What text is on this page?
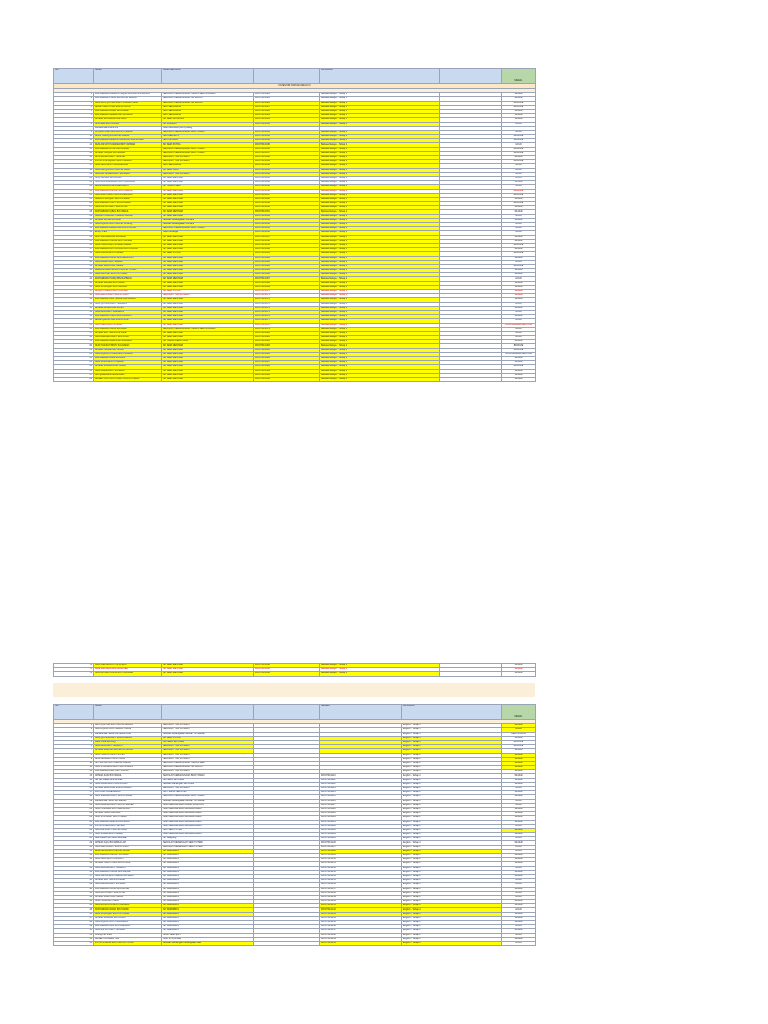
NO.	NAMA	NAMA SEKOLAH		KATEGORI		MEDAL
KATEGORI: BAHASA MELAYU						

1	MUHAMMAD ZAFRAN HAQIMI BIN MOHD ZULKIFLI	SEKOLAH KEBANGSAAN TAMAN SERI GOMBAK	MONTSK1024	Bahasa Melayu - Tahap 1		SILVER
2	MUHAMMAD HAFIZ BIN MOHD RAZALI	SEKOLAH KEBANGSAAN SG BULOH	MONTSK1025	Bahasa Melayu - Tahap 1		SILVER
3	NUR ALYA QISTINA BINTI AHMAD FAUZI	SEKOLAH KEBANGSAAN SG BULOH	MONTSK1026	Bahasa Melayu - Tahap 1		BRONZE
4	ADAM HARITH BIN MOHD NOOR	SRK SELANGOR	MONTSK1027	Bahasa Melayu - Tahap 1		BRONZE
5	MUHAMMAD IRFAN BIN ISMAIL	SRK SELANGOR	MONTSK1028	Bahasa Melayu - Tahap 1		SILVER
6	MUHAMMAD AMMAR BIN ROSLAN	SRK SELANGOR	MONTSK1029	Bahasa Melayu - Tahap 1		SILVER
7	AHMAD BIN ABDUL RAHMAN	SK SERI PETALING	MONTSK1030	Bahasa Melayu - Tahap 1		SILVER
8	SHAHIRA BINTI ROSLI	SK PRIMARY	MONTSK1031	Bahasa Melayu - Tahap 1		GOLD
	Muhammad Amirul Arif	SMK Methodist (ACS) Klang				
9	KHALISH ADLI BIN MOHD KHAIDIR	SEKOLAH KEBANGSAAN BUKIT BARU	MONTSK1032	Bahasa Melayu - Tahap 2		GOLD
10	AFIFF HAZIQ BIN MOHD FAIZAL	SRK BERSATU	MONTSK1033	Bahasa Melayu - Tahap 2		BRONZE
11	MUHAMMAD AMIRUL HAKIM BIN MOHD AZRI	SRK KLUANG	MONTSK1034	Bahasa Melayu - Tahap 2		BRONZE
12	NUR AISYAH HUMAIRA BINTI AHMAD	SK SERI PUTRA	MONTSK1035	Bahasa Melayu - Tahap 2		GOLD
13	MUHAMMAD ATHIF BIN AHMAD	SEKOLAH KEBANGSAAN BUKIT BARU	MONTSK1036	Bahasa Melayu - Tahap 2		BRONZE
14	AHMAD HAQIMI BIN AZMAN	SEKOLAH KEBANGSAAN BUKIT BARU	MONTSK1037	Bahasa Melayu - Tahap 2		BRONZE
15	ALYA ZAHRA BINTI HASHIM	SEKOLAH TUN FATIMAH	MONTSK1038	Bahasa Melayu - Tahap 2		SILVER
16	PUTRI NUR AQILAH BINTI AZMAN	SEKOLAH TUN FATIMAH	MONTSK1039	Bahasa Melayu - Tahap 2		BRONZE
17	NUR IMAN BINTI ZULKARNAIN	SRK SELANGOR	MONTSK1040	Bahasa Melayu - Tahap 2		GOLD
18	NUR BALQIS BINTI MOHD FAUZI	SK SERI PAUH	MONTSK1041	Bahasa Melayu - Tahap 2		GOLD
19	NUR AIN SOFEA BINTI RAHMAN	SEKOLAH TUN FATIMAH	MONTSK1042	Bahasa Melayu - Tahap 2		GOLD
20	AFIQ DANIAL BIN ROSDI	SK SERI MENTERI	MONTSK1043	Bahasa Melayu - Tahap 2		GOLD
21	NUR ALIA MAISARAH BINTI ZAKARIA	SK SERI MENTERI	MONTSK1044	Bahasa Melayu - Tahap 2		SILVER
22	ADAM ZAFRAN BIN ABDULLAH	SK TAMAN SERI	MONTSK1045	Bahasa Melayu - Tahap 2		GOLD
23	MUHAMMAD DANISH BIN HAMZAH	SK SERI MENTERI	MONTSK1046	Bahasa Melayu - Tahap 2		BRONZE
24	NUR IZZATI BINTI MOHD RIDZUAN	SK SERI MENTERI	MONTSK1047	Bahasa Melayu - Tahap 2		BRONZE
25	AMIRA SYAFIQAH BINTI AHMAD	SK SERI MENTERI	MONTSK1048	Bahasa Melayu - Tahap 2		SILVER
26	MUHAMMAD HAFIY BIN ROSLAN	SK SERI MENTERI	MONTSK1049	Bahasa Melayu - Tahap 2		BRONZE
27	NUR AISYAH BINTI MOHD ISA	SK SERI MENTERI	MONTSK1050	Bahasa Melayu - Tahap 2		SILVER
28	MUHAMMAD IQBAL BIN ISMAIL	SK SERI MENTERI	MONTSK1051	Bahasa Melayu - Tahap 2		SILVER
29	NURUL HUDA BINTI ABDUL RAHIM	SK SERI MENTERI	MONTSK1052	Bahasa Melayu - Tahap 2		GOLD
30	AHMAD FAHMI BIN AZIZ	Sekolah Kebangsaan Convent	MONTSK1053	Bahasa Melayu - Tahap 2		SILVER
31	NUR AQILAH BINTI MOHD SHAFIQ	Sekolah Kebangsaan Convent	MONTSK1054	Bahasa Melayu - Tahap 2		GOLD
32	MUHAMMAD AIMAN BIN MOHD ROSLI	SEKOLAH KEBANGSAAN BUKIT BARU	MONTSK1055	Bahasa Melayu - Tahap 2		GOLD
33	Emily Tham	SMK Kenanga	MONTSK1056	Bahasa Melayu - Tahap 2		GOLD
34	AFIF ZULKARNAIN BIN AZMI	SK SERI MENTERI	MONTSK1057	Bahasa Melayu - Tahap 2		SILVER
35	MUHAMMAD HAIKAL BIN HASSAN	SK SERI MENTERI	MONTSK1058	Bahasa Melayu - Tahap 2		SILVER
36	NUR HANIS BINTI AHMAD KAMAL	SK SERI MENTERI	MONTSK1059	Bahasa Melayu - Tahap 2		BRONZE
37	MUHAMMAD RAYYAN BIN MOHD FAUZI	SK SERI MENTERI	MONTSK1060	Bahasa Melayu - Tahap 2		SILVER
38	NUR IRDINA BINTI ZAINAL	SK SERI PUTRA	MONTSK1061	Bahasa Melayu - Tahap 1		BRONZE
39	MUHAMMAD ZAHIN BIN ABDULLAH	SK SERI MENTERI	MONTSK1062	Bahasa Melayu - Tahap 2		SILVER
40	NUR AMANI BINTI RAZAK	SK SERI MENTERI	MONTSK1063	Bahasa Melayu - Tahap 2		GOLD
41	AHMAD IRFAN BIN JAMAL	SK SERI MENTERI	MONTSK1064	Bahasa Melayu - Tahap 2		BRONZE
42	AMIRA ZULAIKHA BINTI MOHD YUSOF	SK SERI MENTERI	MONTSK1065	Bahasa Melayu - Tahap 2		SILVER
43	NUR FATIHAH BINTI OTHMAN	SK SERI MENTERI	MONTSK1066	Bahasa Melayu - Tahap 2		SILVER
44	MUHAMMAD HAZIQ BIN RAHMAN	SK SERI MENTERI	MONTSK1067	Bahasa Melayu - Tahap 2		GOLD
45	AHMAD DANIAL BIN HAMID	SK SERI MENTERI	MONTSK1068	Bahasa Melayu - Tahap 2		SILVER
46	NUR SYAFIQAH BINTI AZHAR	SK SERI MENTERI	MONTSK1069	Bahasa Melayu - Tahap 2		SILVER
47	AFIQAH NABILA BINTI ZAHARI	SK SERI PUTRA	MONTSK1070	Bahasa Melayu - Tahap 1		SILVER
48	NUR ALEYA BINTI MOHD SHAH	SEKOLAH TUN FATIMAH	MONTSK1071	Bahasa Melayu - Tahap 1		SILVER
49	MUHAMMAD ALIF HAKIMI BIN AZMAN	SK SERI MENTERI	MONTSK1072	Bahasa Melayu - Tahap 2		SILVER
50	NUR QISTINA BINTI HAMDAN	SK SERI MENTERI	MONTSK1073	Bahasa Melayu - Tahap 2		GOLD
51	AHMAD AFNAN BIN ROSLI	SK SERI MENTERI	MONTSK1074	Bahasa Melayu - Tahap 2		SILVER
52	NUR AINA BINTI KAMARUL	SK SERI MENTERI	MONTSK1075	Bahasa Melayu - Tahap 2		GOLD
53	MUHAMMAD HARIS BIN ZULKIFLI	SK SERI MENTERI	MONTSK1076	Bahasa Melayu - Tahap 2		SILVER
54	ADAM QALISH BIN MOHD NOR	SK SERI MENTERI	MONTSK1077	Bahasa Melayu - Tahap 2		GOLD
55	NUR ZARA BINTI AHMAD	SK SERI MENTERI	MONTSK1078	Bahasa Melayu - Tahap 2		HONOURABLE MENTION
56	MUHAMMAD FARIS BIN AZMI	SEKOLAH KEBANGSAAN TAMAN SERI GOMBAK	MONTSK1079	Bahasa Melayu - Tahap 2		GOLD
57	AHMAD RAYYAN BIN SHAFIE	SK SERI MENTERI	MONTSK1080	Bahasa Melayu - Tahap 2		GOLD
58	NUR ADRIANA BINTI MOHD ALI	SK SERI MENTERI	MONTSK1081	Bahasa Melayu - Tahap 2		GOLD
59	MUHAMMAD IMRAN BIN ZAKARIA	SK TAMAN KERAYONG	MONTSK1082	Bahasa Melayu - Tahap 2		SILVER
60	NUR HAFIZAH BINTI SULAIMAN	SK SERI MENTERI	MONTSK1083	Bahasa Melayu - Tahap 2		BRONZE
61	AHMAD HAKIMI BIN ISHAK	SK SERI MENTERI	MONTSK1084	Bahasa Melayu - Tahap 2		BRONZE
62	NUR AQILAH HUSNA BINTI RAZALI	SK SERI MENTERI	MONTSK1085	Bahasa Melayu - Tahap 2		HONOURABLE MENTION
63	MUHAMMAD NAIM BIN AZIZ	SK SERI MENTERI	MONTSK1086	Bahasa Melayu - Tahap 2		SILVER
64	NUR SOFIA BINTI HAMZAH	SK SERI MENTERI	MONTSK1087	Bahasa Melayu - Tahap 2		SILVER
65	AHMAD ZAKWAN BIN OMAR	SK SERI MENTERI	MONTSK1088	Bahasa Melayu - Tahap 2		BRONZE
66	NUR DAMIA BINTI ROSLAN	SK SERI MENTERI	MONTSK1089	Bahasa Melayu - Tahap 2		SILVER
67	Nur Qistina Binti Mohd Azlan	SK SERI MENTERI	MONTSK1090	Bahasa Melayu - Tahap 2		SILVER
68	ANGEL TAN CHIU LI BINTI MOHD KHALIL	SK SERI MENTERI	MONTSK1091	Bahasa Melayu - Tahap 2		SILVER
70	NUR ZARINA BINTI SHAHRIN	SK SERI MENTERI	MONTSK1092	Bahasa Melayu - Tahap 2		SILVER
71	Alisa Sara Aqira Binti Mohd Zaid	SK SERI MENTERI	MONTSK1093	Bahasa Melayu - Tahap 2		SILVER
72	NUR ARYANA SOFIA BINTI FAUZAN	SK SERI MENTERI	MONTSK1094	Bahasa Melayu - Tahap 2		SILVER
NO.	NAMA			NEGERI	KATEGORI	MEDAL

1	ANIS QISTINA BINTI MOHD AZMAN	SEKOLAH TUN FATIMAH			English - Tahap 1	SILVER
2	NUR AQILAH BINTI ABDUL HALIM	SEKOLAH TUN FATIMAH			English - Tahap 1	GOLD
3	Muhammad Harraz Bin Mohd Nizar	Sekolah Kebangsaan Bandar Tun Razak			English - Tahap 1	CERTIFICATE
4	NUR QISTINA BINTI MOHD AZLAN	SK SERI PUTRA			English - Tahap 1	SILVER
5	Jane Chua Mei Ling	SM Sains Seri Puteri			English - Tahap 2	BRONZE
6	NUR AINA BINTI HAMZAH	SEKOLAH TUN FATIMAH			English - Tahap 2	BRONZE
7	AHMAD FARHAN BIN MOHD NOOR	SEKOLAH TUN FATIMAH			English - Tahap 2	SILVER
8	NUR HIDAYAH BINTI ROSLI	SEKOLAH TUN FATIMAH			English - Tahap 2	SILVER
9	ALIA MAISARAH BINTI AZMI	SEKOLAH TUN FATIMAH			English - Tahap 2	SILVER
10	SITI AISYAH BINTI ABDUL RAZAK	SEKOLAH KEBANGSAAN TAMAN SERI			English - Tahap 2	SILVER
11	NUR SYAZWANI BINTI MOHD AMIN	SEKOLAH KEBANGSAAN SG BULOH			English - Tahap 2	SILVER
12	MUHAMMAD ARIF BIN HASHIM	SEKOLAH TUN FATIMAH			English - Tahap 2	SILVER
13	AHMAD ZAKI BIN ISMAIL	SEKOLAH KEBANGSAAN BUKIT BARU		MONTSK1110	English - Tahap 2	SILVER
14	Siti Nur Balqis Binti Ahmad	SM Sains Seri Puteri		MONTSK1111	English - Tahap 2	SILVER
15	NUR DANIA BINTI MOHD ZAKI	Sekolah Menengah Seri Puteri		MONTSK1112	English - Tahap 2	SILVER
16	AHMAD IRFAN BIN MOHD RAZALI	SEKOLAH TUN FATIMAH		MONTSK1113	English - Tahap 2	GOLD
17	PRIYA A/P RAJENDRAN	SMT SAINS SEPUTEH		MONTSK1114	English - Tahap 2	SILVER
18	NUR SABRINA BINTI MOHD NAZRI	SEKOLAH KEBANGSAAN BUKIT BARU		MONTSK1115	English - Tahap 2	SILVER
19	Muhammad Hazim Bin Mazlan	Sekolah Kebangsaan Bandar Tun Razak		MONTSK1116	English - Tahap 2	GOLD
20	NUR AMALINA BINTI MOHD SALLEH	SMK KEBANGSAAN JALAN KUANTAN		MONTSK1117	English - Tahap 2	GOLD
21	NUR HUMAIRA BINTI ABDULLAH	SMK KEBANGSAAN BANDAR BARU		MONTSK1118	English - Tahap 2	SILVER
22	AHMAD HAFIZ BIN AZIZ	SMK KEBANGSAAN BANDAR BARU		MONTSK1119	English - Tahap 2	SILVER
23	NUR SYAHIRAH BINTI HAMID	SMK KEBANGSAAN BANDAR BARU		MONTSK1120	English - Tahap 2	SILVER
24	MUHAMMAD AMIR BIN ROSLAN	SMK KEBANGSAAN BANDAR BARU		MONTSK1121	English - Tahap 2	SILVER
25	PUTRI NURIN BINTI AZHAR	SMK KEBANGSAAN BANDAR BARU		MONTSK1122	English - Tahap 2	GOLD
26	NUR ANIS BINTI MOHD FAUZI	SRK SERI PUTRA		MONTSK1123	English - Tahap 2	SILVER
27	NUR SOFEA BINTI ISMAIL	SMK KEBANGSAAN BANDAR BARU		MONTSK1124	English - Tahap 2	SILVER
28	Adel Farwiz Bin Mohd Ridhwan	SK Selayang		MONTSK1125	English - Tahap 2	GOLD
29	AHMAD AQIL BIN ABDULLAH	SEKOLAH MENENGAH SERI PUTERI		MONTSK1126	English - Tahap 2	SILVER
30	NUR ALEYA BINTI MOHD SHAH	SEKOLAH MENENGAH SERI PUTERI		MONTSK1127	English - Tahap 2	GOLD
31	ALIA ZAHRA BINTI MOHD ROSLI	SK PERIMBUN		MONTSK1128	English - Tahap 2	GOLD
32	MUHAMMAD DANISH BIN AZMI	SK PERIMBUN		MONTSK1129	English - Tahap 2	SILVER
33	NUR IMAN BINTI ZULKIFLI	SK PERIMBUN		MONTSK1130	English - Tahap 2	SILVER
34	AHMAD HARITH BIN MOHD NOR	SK PERIMBUN		MONTSK1131	English - Tahap 2	SILVER
35	NUR AFRINA BINTI HAMZAH	SK PERIMBUN		MONTSK1132	English - Tahap 2	GOLD
36	MUHAMMAD HAIKAL BIN ZAINAL	SK PERIMBUN		MONTSK1133	English - Tahap 2	SILVER
37	NUR ZAHRA BINTI ABDUL RAHMAN	SK PERIMBUN		MONTSK1134	English - Tahap 2	SILVER
38	AHMAD RAYYAN BIN OMAR	SK PERIMBUN		MONTSK1135	English - Tahap 2	GOLD
39	NUR ADLINA BINTI ROSLAN	SK PERIMBUN		MONTSK1136	English - Tahap 2	GOLD
40	MUHAMMAD FAHMI BIN AZHAR	SK PERIMBUN		MONTSK1137	English - Tahap 2	SILVER
41	NUR ALIYA BINTI MOHD ISA	SK PERIMBUN		MONTSK1138	English - Tahap 2	GOLD
42	AHMAD FARIS BIN ISMAIL	SK PERIMBUN		MONTSK1139	English - Tahap 2	GOLD
43	NUR HANA BINTI AZIZ	SK PERIMBUN		MONTSK1140	English - Tahap 2	SILVER
44	NUR BATRISYIA BINTI ZAKARIA	SK PERIMBUN		MONTSK1141	English - Tahap 2	SILVER
45	MUHAMMAD IRFAN BIN HAMID	SK PERIMBUN		MONTSK1142	English - Tahap 2	GOLD
46	NUR SYAFIQAH BINTI OTHMAN	SK PERIMBUN		MONTSK1143	English - Tahap 2	SILVER
47	AHMAD ZAFRAN BIN ROSDI	SK PERIMBUN		MONTSK1144	English - Tahap 2	SILVER
48	NUR AQILAH BINTI SULAIMAN	SK PERIMBUN		MONTSK1145	English - Tahap 2	SILVER
49	MUHAMMAD ALIF BIN KAMARUL	SK PERIMBUN		MONTSK1146	English - Tahap 2	GOLD
50	NUR AISYAH BINTI HASSAN	SK PERIMBUN		MONTSK1147	English - Tahap 2	SILVER
51	Cheng Kar Shen	SMJK Jalan Ipoh		MONTSK1148	English - Tahap 2	GOLD
52	ANGELYN ANGEL TAN	SMK Sri Permata		MONTSK1149	English - Tahap 2	SILVER
53	PUTRI NURINA BINTI MOHD YUSOF	Sekolah Menengah Kebangsaan Bau		MONTSK1150	English - Tahap 2	GOLD
